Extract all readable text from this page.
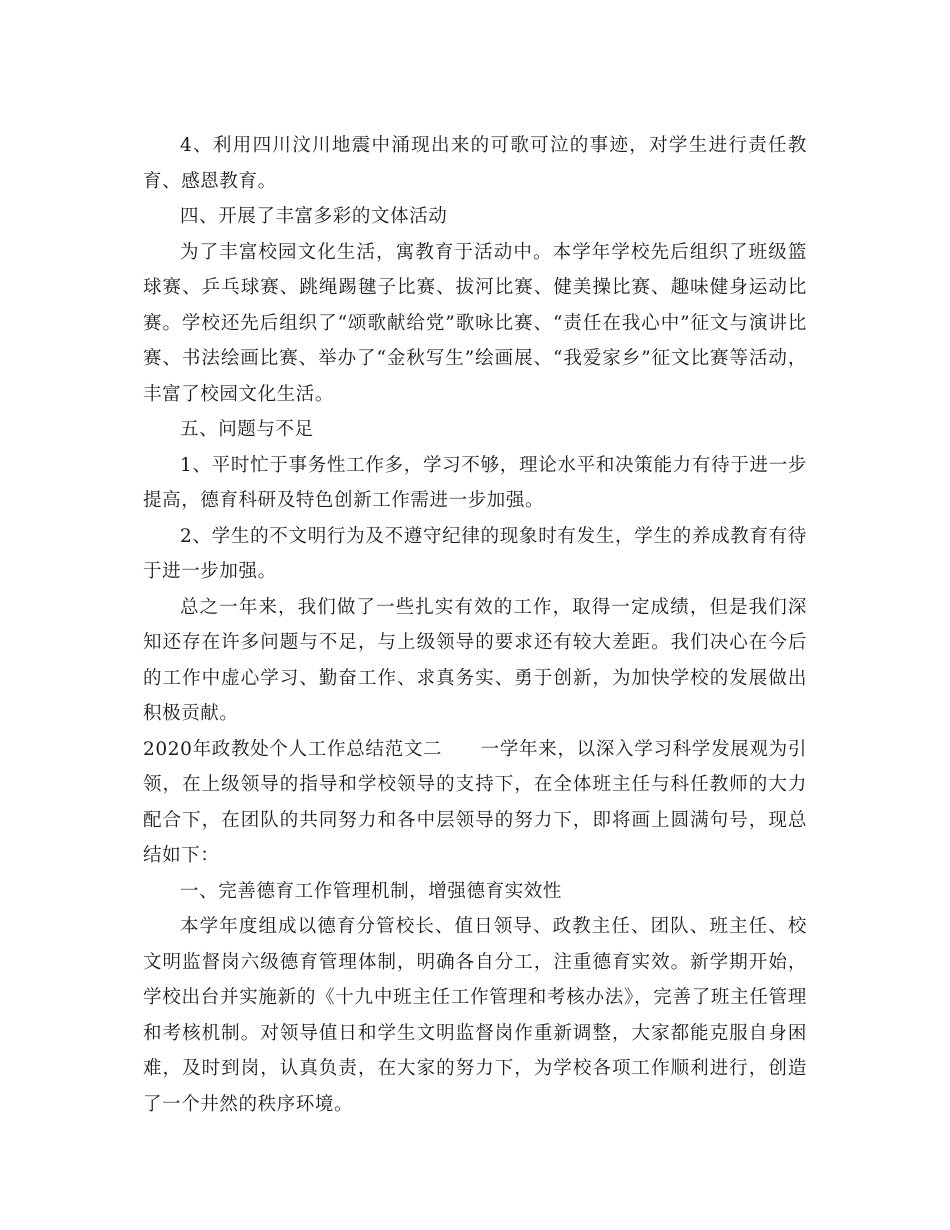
4、利用四川汶川地震中涌现出来的可歌可泣的事迹，对学生进行责任教育、感恩教育。

四、开展了丰富多彩的文体活动

为了丰富校园文化生活，寓教育于活动中。本学年学校先后组织了班级篮球赛、乒乓球赛、跳绳踢毽子比赛、拔河比赛、健美操比赛、趣味健身运动比赛。学校还先后组织了“颂歌献给党”歌咏比赛、“责任在我心中”征文与演讲比赛、书法绘画比赛、举办了“金秋写生”绘画展、“我爱家乡”征文比赛等活动，丰富了校园文化生活。

五、问题与不足

1、平时忙于事务性工作多，学习不够，理论水平和决策能力有待于进一步提高，德育科研及特色创新工作需进一步加强。

2、学生的不文明行为及不遵守纪律的现象时有发生，学生的养成教育有待于进一步加强。

总之一年来，我们做了一些扎实有效的工作，取得一定成绩，但是我们深知还存在许多问题与不足，与上级领导的要求还有较大差距。我们决心在今后的工作中虚心学习、勤奋工作、求真务实、勇于创新，为加快学校的发展做出积极贡献。

2020年政教处个人工作总结范文二　　 一学年来，以深入学习科学发展观为引领，在上级领导的指导和学校领导的支持下，在全体班主任与科任教师的大力配合下，在团队的共同努力和各中层领导的努力下，即将画上圆满句号，现总结如下：

一、完善德育工作管理机制，增强德育实效性

本学年度组成以德育分管校长、值日领导、政教主任、团队、班主任、校文明监督岗六级德育管理体制，明确各自分工，注重德育实效。新学期开始，学校出台并实施新的《十九中班主任工作管理和考核办法》，完善了班主任管理和考核机制。对领导值日和学生文明监督岗作重新调整，大家都能克服自身困难，及时到岗，认真负责，在大家的努力下，为学校各项工作顺利进行，创造了一个井然的秩序环境。
